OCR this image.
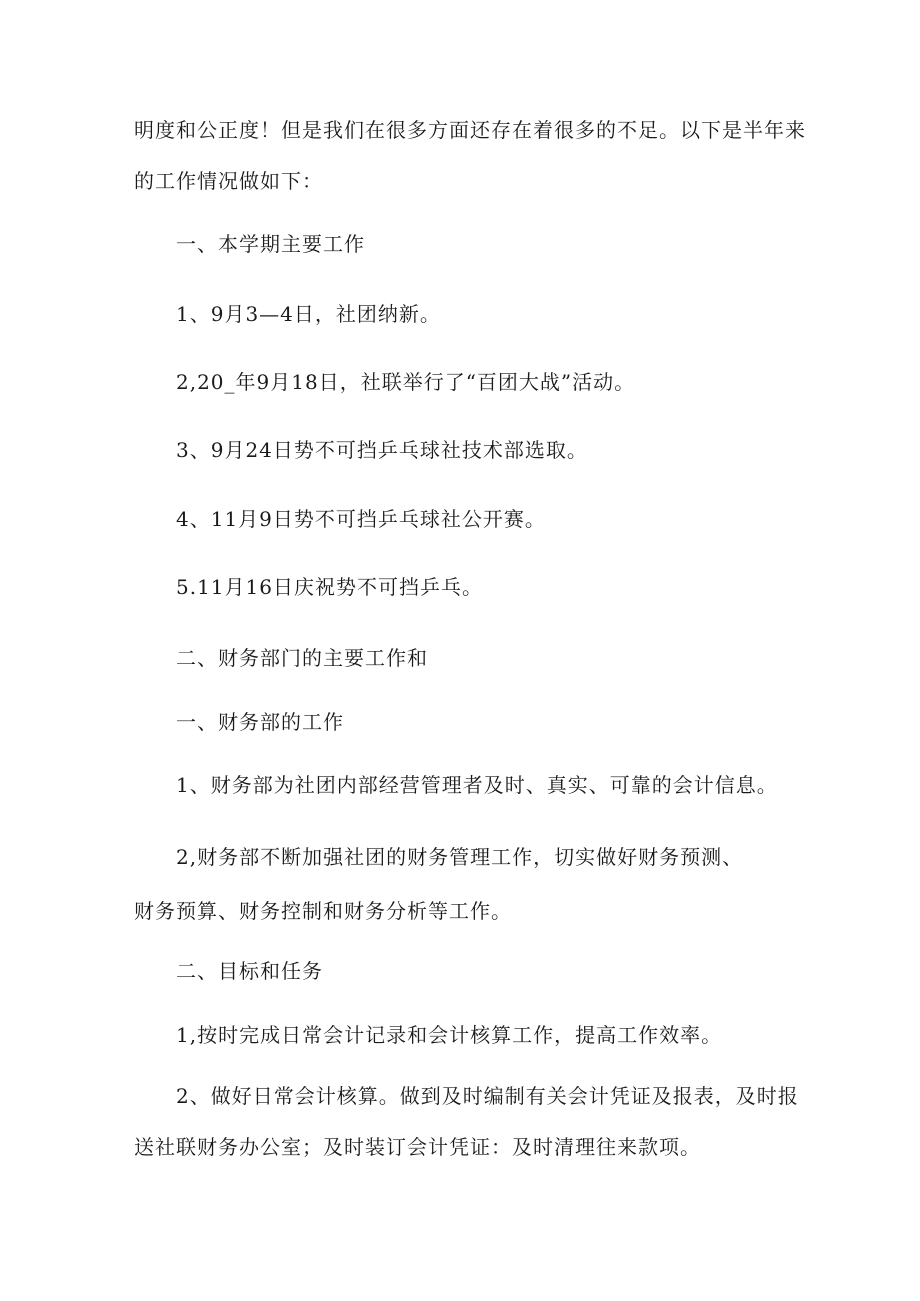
明度和公正度！但是我们在很多方面还存在着很多的不足。以下是半年来
的工作情况做如下：
一、本学期主要工作
1、9月3—4日，社团纳新。
2,20_年9月18日，社联举行了“百团大战”活动。
3、9月24日势不可挡乒乓球社技术部选取。
4、11月9日势不可挡乒乓球社公开赛。
5.11月16日庆祝势不可挡乒乓。
二、财务部门的主要工作和
一、财务部的工作
1、财务部为社团内部经营管理者及时、真实、可靠的会计信息。
2,财务部不断加强社团的财务管理工作，切实做好财务预测、
财务预算、财务控制和财务分析等工作。
二、目标和任务
1,按时完成日常会计记录和会计核算工作，提高工作效率。
2、做好日常会计核算。做到及时编制有关会计凭证及报表，及时报
送社联财务办公室；及时装订会计凭证：及时清理往来款项。
